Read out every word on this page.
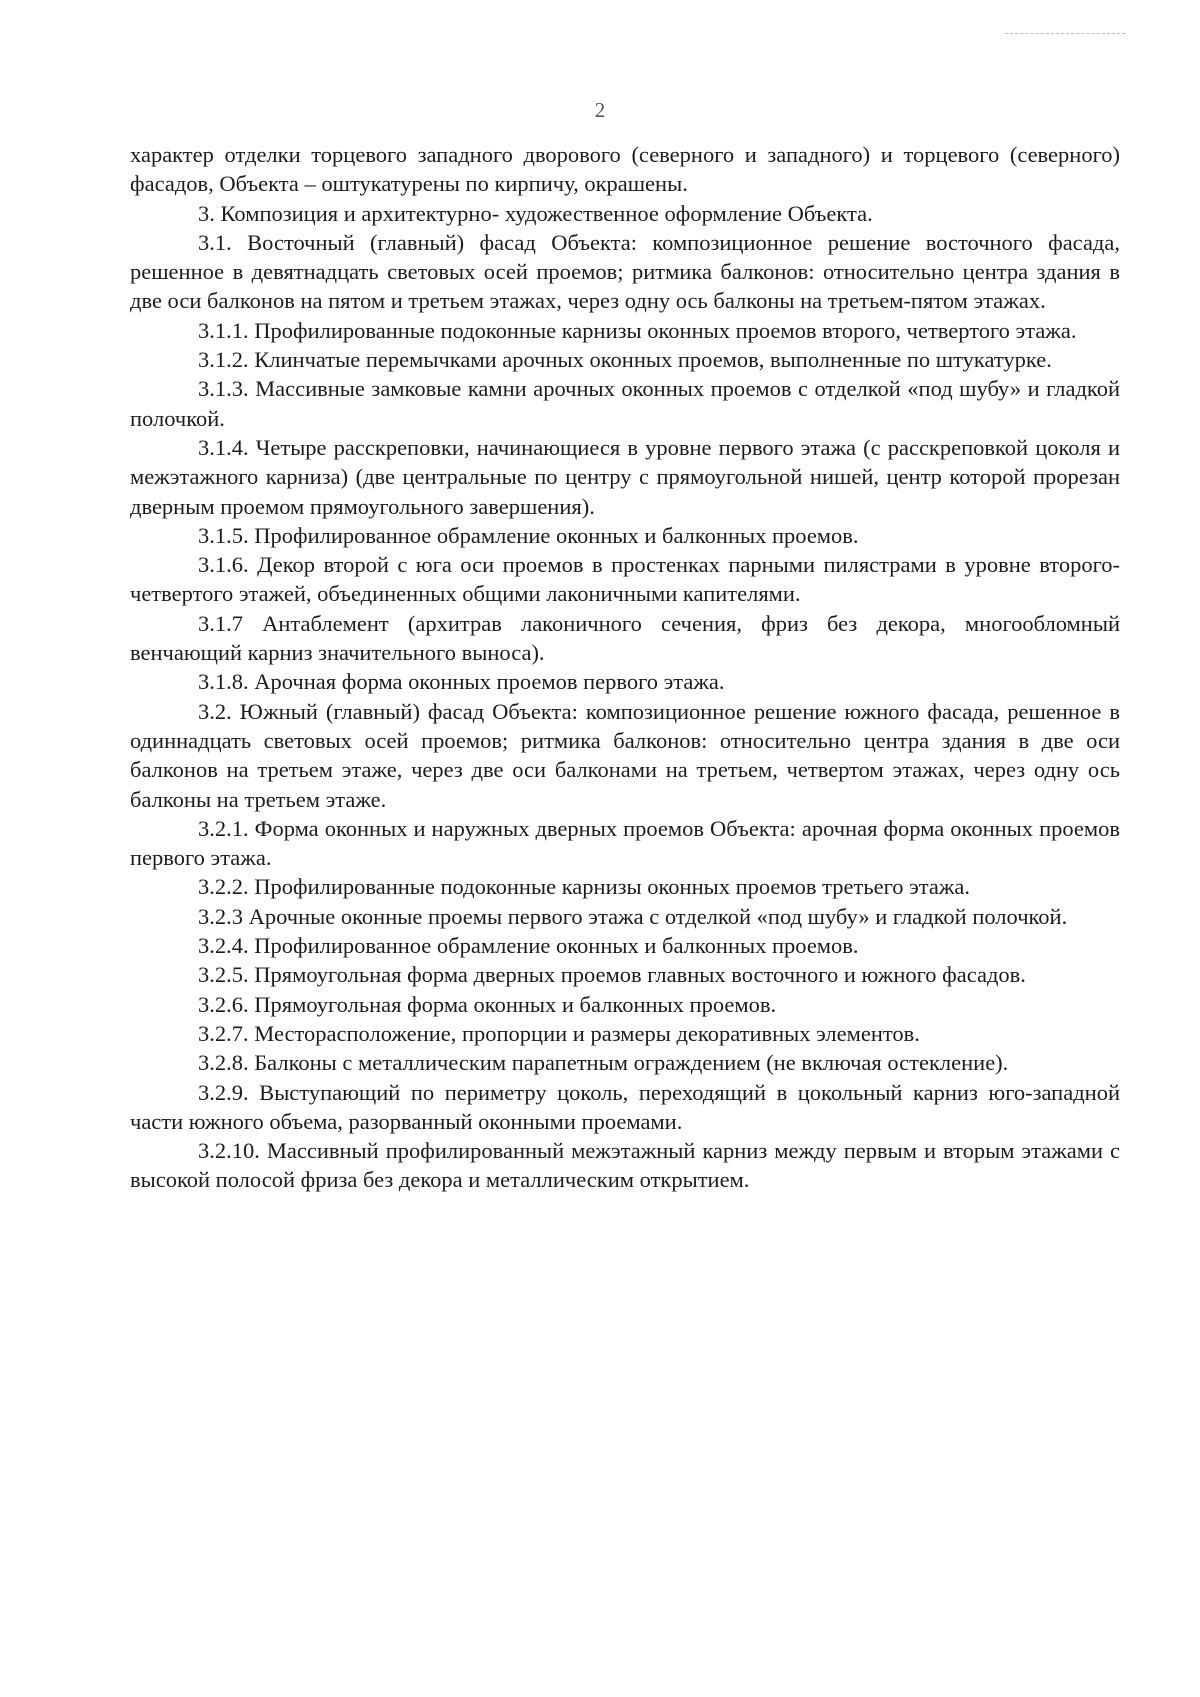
2

характер отделки торцевого западного дворового (северного и западного) и торцевого (северного) фасадов, Объекта – оштукатурены по кирпичу, окрашены.

3. Композиция и архитектурно- художественное оформление Объекта.

3.1. Восточный (главный) фасад Объекта: композиционное решение восточного фасада, решенное в девятнадцать световых осей проемов; ритмика балконов: относительно центра здания в две оси балконов на пятом и третьем этажах, через одну ось балконы на третьем-пятом этажах.

3.1.1. Профилированные подоконные карнизы оконных проемов второго, четвертого этажа.

3.1.2. Клинчатые перемычками арочных оконных проемов, выполненные по штукатурке.

3.1.3. Массивные замковые камни арочных оконных проемов с отделкой «под шубу» и гладкой полочкой.

3.1.4. Четыре расскреповки, начинающиеся в уровне первого этажа (с расскреповкой цоколя и межэтажного карниза) (две центральные по центру с прямоугольной нишей, центр которой прорезан дверным проемом прямоугольного завершения).

3.1.5. Профилированное обрамление оконных и балконных проемов.

3.1.6. Декор второй с юга оси проемов в простенках парными пилястрами в уровне второго-четвертого этажей, объединенных общими лаконичными капителями.

3.1.7 Антаблемент (архитрав лаконичного сечения, фриз без декора, многообломный венчающий карниз значительного выноса).

3.1.8. Арочная форма оконных проемов первого этажа.

3.2. Южный (главный) фасад Объекта: композиционное решение южного фасада, решенное в одиннадцать световых осей проемов; ритмика балконов: относительно центра здания в две оси балконов на третьем этаже, через две оси балконами на третьем, четвертом этажах, через одну ось балконы на третьем этаже.

3.2.1. Форма оконных и наружных дверных проемов Объекта: арочная форма оконных проемов первого этажа.

3.2.2. Профилированные подоконные карнизы оконных проемов третьего этажа.

3.2.3 Арочные оконные проемы первого этажа с отделкой «под шубу» и гладкой полочкой.

3.2.4. Профилированное обрамление оконных и балконных проемов.

3.2.5. Прямоугольная форма дверных проемов главных восточного и южного фасадов.

3.2.6. Прямоугольная форма оконных и балконных проемов.

3.2.7. Месторасположение, пропорции и размеры декоративных элементов.

3.2.8. Балконы с металлическим парапетным ограждением (не включая остекление).

3.2.9. Выступающий по периметру цоколь, переходящий в цокольный карниз юго-западной части южного объема, разорванный оконными проемами.

3.2.10. Массивный профилированный межэтажный карниз между первым и вторым этажами с высокой полосой фриза без декора и металлическим открытием.
